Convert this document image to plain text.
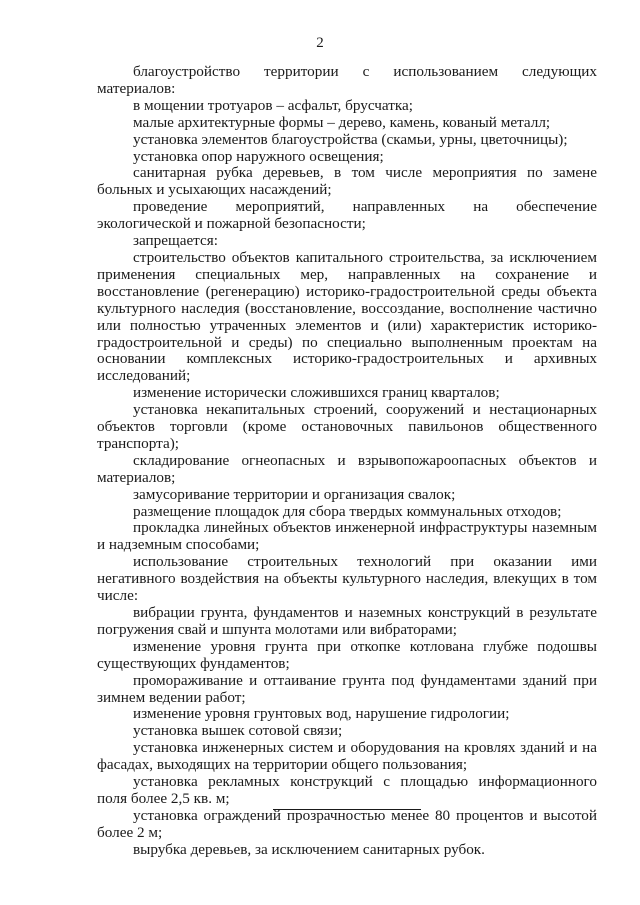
2

благоустройство территории с использованием следующих материалов:

в мощении тротуаров – асфальт, брусчатка;

малые архитектурные формы – дерево, камень, кованый металл;

установка элементов благоустройства (скамьи, урны, цветочницы);

установка опор наружного освещения;

санитарная рубка деревьев, в том числе мероприятия по замене больных и усыхающих насаждений;

проведение мероприятий, направленных на обеспечение экологической и пожарной безопасности;

запрещается:

строительство объектов капитального строительства, за исключением применения специальных мер, направленных на сохранение и восстановление (регенерацию) историко-градостроительной среды объекта культурного наследия (восстановление, воссоздание, восполнение частично или полностью утраченных элементов и (или) характеристик историко-градостроительной и среды) по специально выполненным проектам на основании комплексных историко-градостроительных и архивных исследований;

изменение исторически сложившихся границ кварталов;

установка некапитальных строений, сооружений и нестационарных объектов торговли (кроме остановочных павильонов общественного транспорта);

складирование огнеопасных и взрывопожароопасных объектов и материалов;

замусоривание территории и организация свалок;

размещение площадок для сбора твердых коммунальных отходов;

прокладка линейных объектов инженерной инфраструктуры наземным и надземным способами;

использование строительных технологий при оказании ими негативного воздействия на объекты культурного наследия, влекущих в том числе:

вибрации грунта, фундаментов и наземных конструкций в результате погружения свай и шпунта молотами или вибраторами;

изменение уровня грунта при откопке котлована глубже подошвы существующих фундаментов;

промораживание и оттаивание грунта под фундаментами зданий при зимнем ведении работ;

изменение уровня грунтовых вод, нарушение гидрологии;

установка вышек сотовой связи;

установка инженерных систем и оборудования на кровлях зданий и на фасадах, выходящих на территории общего пользования;

установка рекламных конструкций с площадью информационного поля более 2,5 кв. м;

установка ограждений прозрачностью менее 80 процентов и высотой более 2 м;

вырубка деревьев, за исключением санитарных рубок.
